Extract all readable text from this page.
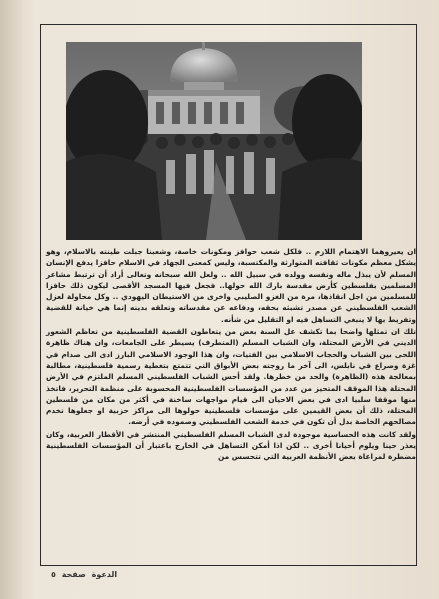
ان يعيروهما الاهتمام اللازم .. فلكل شعب حوافز ومكونات خاصة، وشعبنا جبلت طينته بالاسلام، وهو يشكل معظم مكونات ثقافته المتوارثة والمكتسبة، وليس كمعنى الجهاد في الاسلام حافزا يدفع الإنسان المسلم لأن يبذل ماله ونفسه وولده في سبيل الله .. ولعل الله سبحانه وتعالى أراد أن ترتبط مشاعر المسلمين بفلسطين كأرض مقدسة بارك الله حولها.. فجعل فيها المسجد الأقصى ليكون ذلك حافزا للمسلمين من اجل انقاذها، مرة من الغزو الصليبي واخرى من الاستيطان اليهودي .. وكل محاولة لعزل الشعب الفلسطيني عن مصدر تشبثه بحقه، ودفاعه عن مقدساته وتعلقه بدينه إنما هي خيانة للقضية وتفريط بها لا ينبغي التساهل فيه او التقليل من شأنه.

تلك ان تمثلها واضحا بما تكشف عل السنة بعض من يتعاطون القضية الفلسطينية من تعاظم الشعور الديني في الأرض المحتلة، وان الشباب المسلم (المتطرف) يسيطر على الجامعات، وان هناك ظاهرة اللحى بين الشباب والحجاب الاسلامي بين الفتيات، وان هذا الوجود الاسلامي البارز ادى الى صدام في غزة وصراع في نابلس، الى آخر ما روجته بعض الأبواق التي تتمتع بتغطية رسمية فلسطينية، مطالبة بمعالجة هذه (الظاهرة) والحد من خطرها. ولقد أحس الشباب الفلسطيني المسلم الملتزم في الأرض المحتلة هذا الموقف المتحيز من عدد من المؤسسات الفلسطينية المحسوبة على منظمة التحرير، فاتخذ منها موقفا سلبيا ادى في بعض الاحيان الى قيام مواجهات ساخنة في أكثر من مكان من فلسطين المحتلة، ذلك أن بعض القيمين على مؤسسات فلسطينية حولوها الى مراكز حزبية او جعلوها تخدم مصالحهم الخاصة بدل أن تكون في خدمة الشعب الفلسطيني وصموده في أرضه.

ولقد كانت هذه الحساسية موجودة لدى الشباب المسلم الفلسطيني المنتشر في الأقطار العربية، وكان يعذر حينا ويلوم أحيانا أخرى .. لكن اذا أمكن التساهل في الخارج باعتبار أن المؤسسات الفلسطينية مضطرة لمراعاة بعض الأنظمة العربية التي تتحسس من

الدعوة صفحة ٥
